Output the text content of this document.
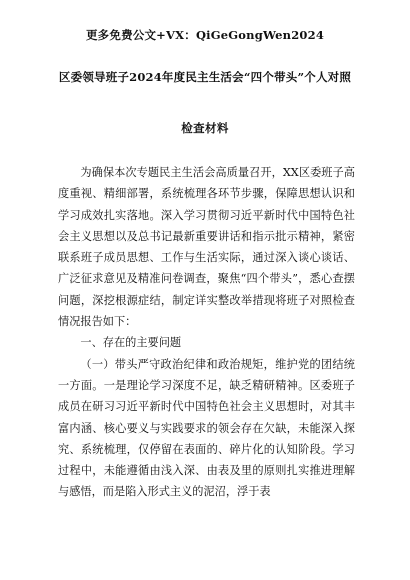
更多免费公文+VX：QiGeGongWen2024
区委领导班子2024年度民主生活会“四个带头”个人对照
检查材料

为确保本次专题民主生活会高质量召开，XX区委班子高度重视、精细部署，系统梳理各环节步骤，保障思想认识和学习成效扎实落地。深入学习贯彻习近平新时代中国特色社会主义思想以及总书记最新重要讲话和指示批示精神，紧密联系班子成员思想、工作与生活实际，通过深入谈心谈话、广泛征求意见及精准问卷调查，聚焦“四个带头”，悉心查摆问题，深挖根源症结，制定详实整改举措现将班子对照检查情况报告如下：

一、存在的主要问题

（一）带头严守政治纪律和政治规矩，维护党的团结统一方面。一是理论学习深度不足，缺乏精研精神。区委班子成员在研习习近平新时代中国特色社会主义思想时，对其丰富内涵、核心要义与实践要求的领会存在欠缺，未能深入探究、系统梳理，仅停留在表面的、碎片化的认知阶段。学习过程中，未能遵循由浅入深、由表及里的原则扎实推进理解与感悟，而是陷入形式主义的泥沼，浮于表
